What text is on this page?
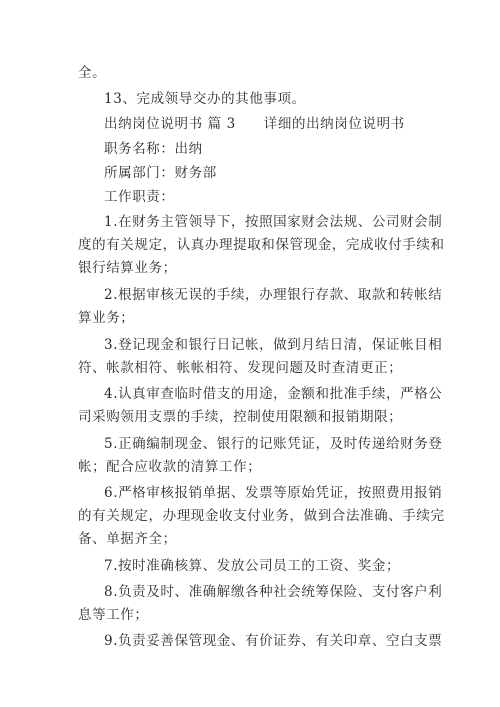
全。
13、完成领导交办的其他事项。
出纳岗位说明书 篇 3 详细的出纳岗位说明书
职务名称：出纳
所属部门：财务部
工作职责：
1.在财务主管领导下，按照国家财会法规、公司财会制
度的有关规定，认真办理提取和保管现金，完成收付手续和
银行结算业务；
2.根据审核无误的手续，办理银行存款、取款和转帐结
算业务；
3.登记现金和银行日记帐，做到月结日清，保证帐目相
符、帐款相符、帐帐相符、发现问题及时查清更正；
4.认真审查临时借支的用途，金额和批准手续，严格公
司采购领用支票的手续，控制使用限额和报销期限；
5.正确编制现金、银行的记账凭证，及时传递给财务登
帐；配合应收款的清算工作；
6.严格审核报销单据、发票等原始凭证，按照费用报销
的有关规定，办理现金收支付业务，做到合法准确、手续完
备、单据齐全；
7.按时准确核算、发放公司员工的工资、奖金；
8.负责及时、准确解缴各种社会统筹保险、支付客户利
息等工作；
9.负责妥善保管现金、有价证券、有关印章、空白支票
